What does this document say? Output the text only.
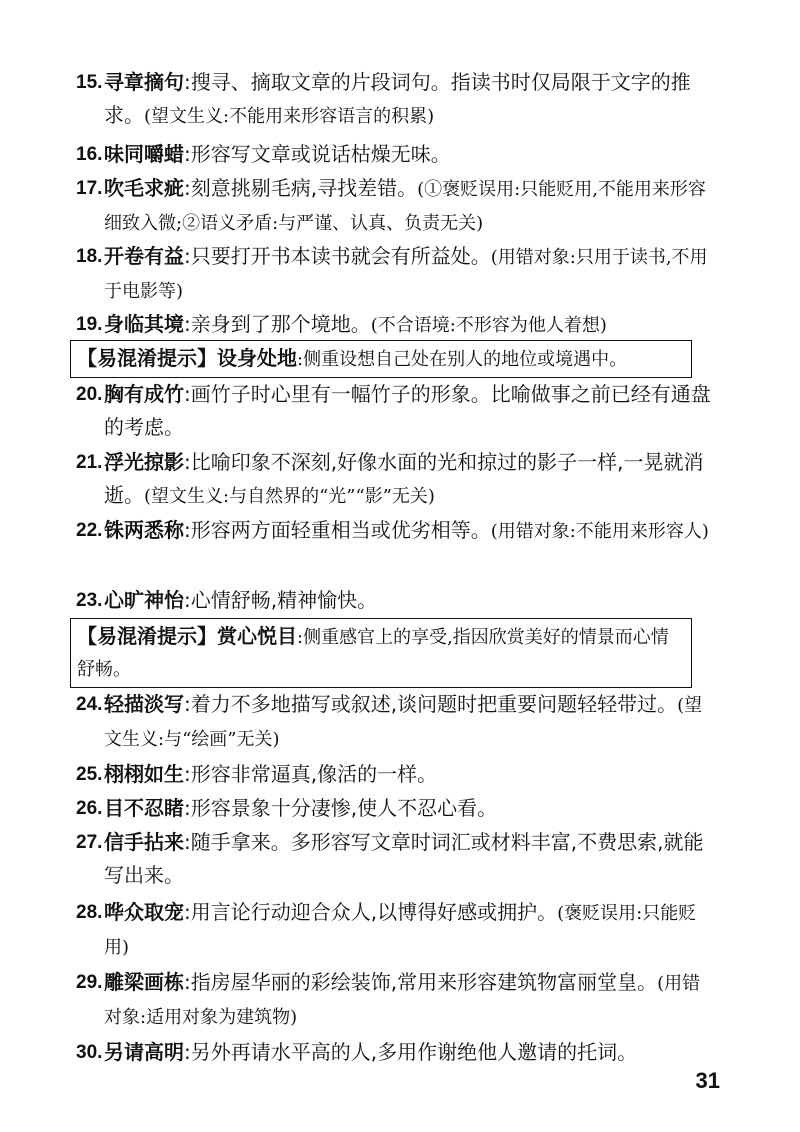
15. 寻章摘句:搜寻、摘取文章的片段词句。指读书时仅局限于文字的推求。(望文生义:不能用来形容语言的积累)
16. 味同嚼蜡:形容写文章或说话枯燥无味。
17. 吹毛求疵:刻意挑剔毛病,寻找差错。(①褒贬误用:只能贬用,不能用来形容细致入微;②语义矛盾:与严谨、认真、负责无关)
18. 开卷有益:只要打开书本读书就会有所益处。(用错对象:只用于读书,不用于电影等)
19. 身临其境:亲身到了那个境地。(不合语境:不形容为他人着想)
【易混淆提示】设身处地:侧重设想自己处在别人的地位或境遇中。
20. 胸有成竹:画竹子时心里有一幅竹子的形象。比喻做事之前已经有通盘的考虑。
21. 浮光掠影:比喻印象不深刻,好像水面的光和掠过的影子一样,一晃就消逝。(望文生义:与自然界的“光”“影”无关)
22. 铢两悉称:形容两方面轻重相当或优劣相等。(用错对象:不能用来形容人)
23. 心旷神怡:心情舒畅,精神愉快。
【易混淆提示】赏心悦目:侧重感官上的享受,指因欣赏美好的情景而心情舒畅。
24. 轻描淡写:着力不多地描写或叙述,谈问题时把重要问题轻轻带过。(望文生义:与“绘画”无关)
25. 栩栩如生:形容非常逼真,像活的一样。
26. 目不忍睹:形容景象十分凄惨,使人不忍心看。
27. 信手拈来:随手拿来。多形容写文章时词汇或材料丰富,不费思索,就能写出来。
28. 哗众取宠:用言论行动迎合众人,以博得好感或拥护。(褒贬误用:只能贬用)
29. 雕梁画栋:指房屋华丽的彩绘装饰,常用来形容建筑物富丽堂皇。(用错对象:适用对象为建筑物)
30. 另请高明:另外再请水平高的人,多用作谢绝他人邀请的托词。
31
